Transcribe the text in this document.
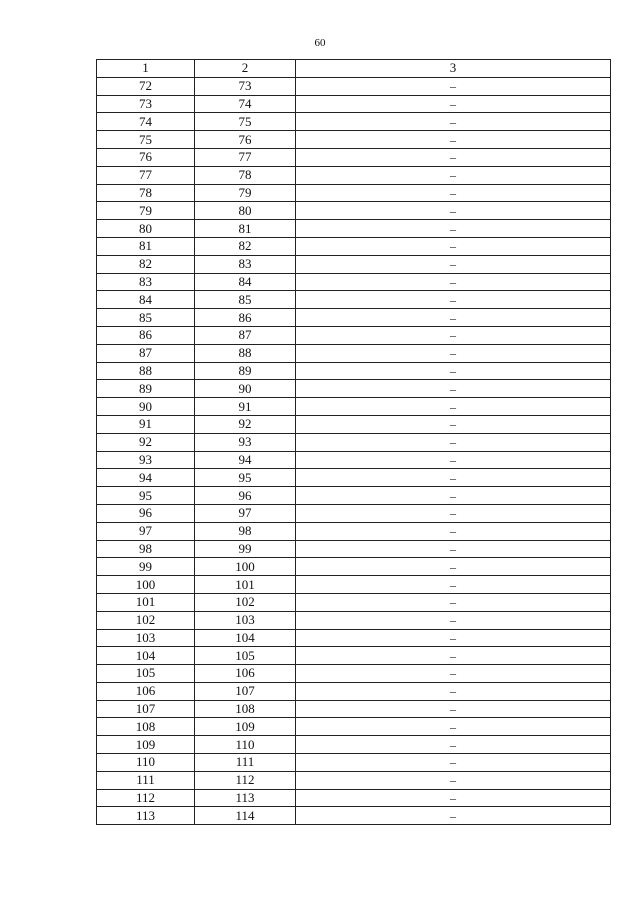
60
1	2	3
72	73	–
73	74	–
74	75	–
75	76	–
76	77	–
77	78	–
78	79	–
79	80	–
80	81	–
81	82	–
82	83	–
83	84	–
84	85	–
85	86	–
86	87	–
87	88	–
88	89	–
89	90	–
90	91	–
91	92	–
92	93	–
93	94	–
94	95	–
95	96	–
96	97	–
97	98	–
98	99	–
99	100	–
100	101	–
101	102	–
102	103	–
103	104	–
104	105	–
105	106	–
106	107	–
107	108	–
108	109	–
109	110	–
110	111	–
111	112	–
112	113	–
113	114	–
